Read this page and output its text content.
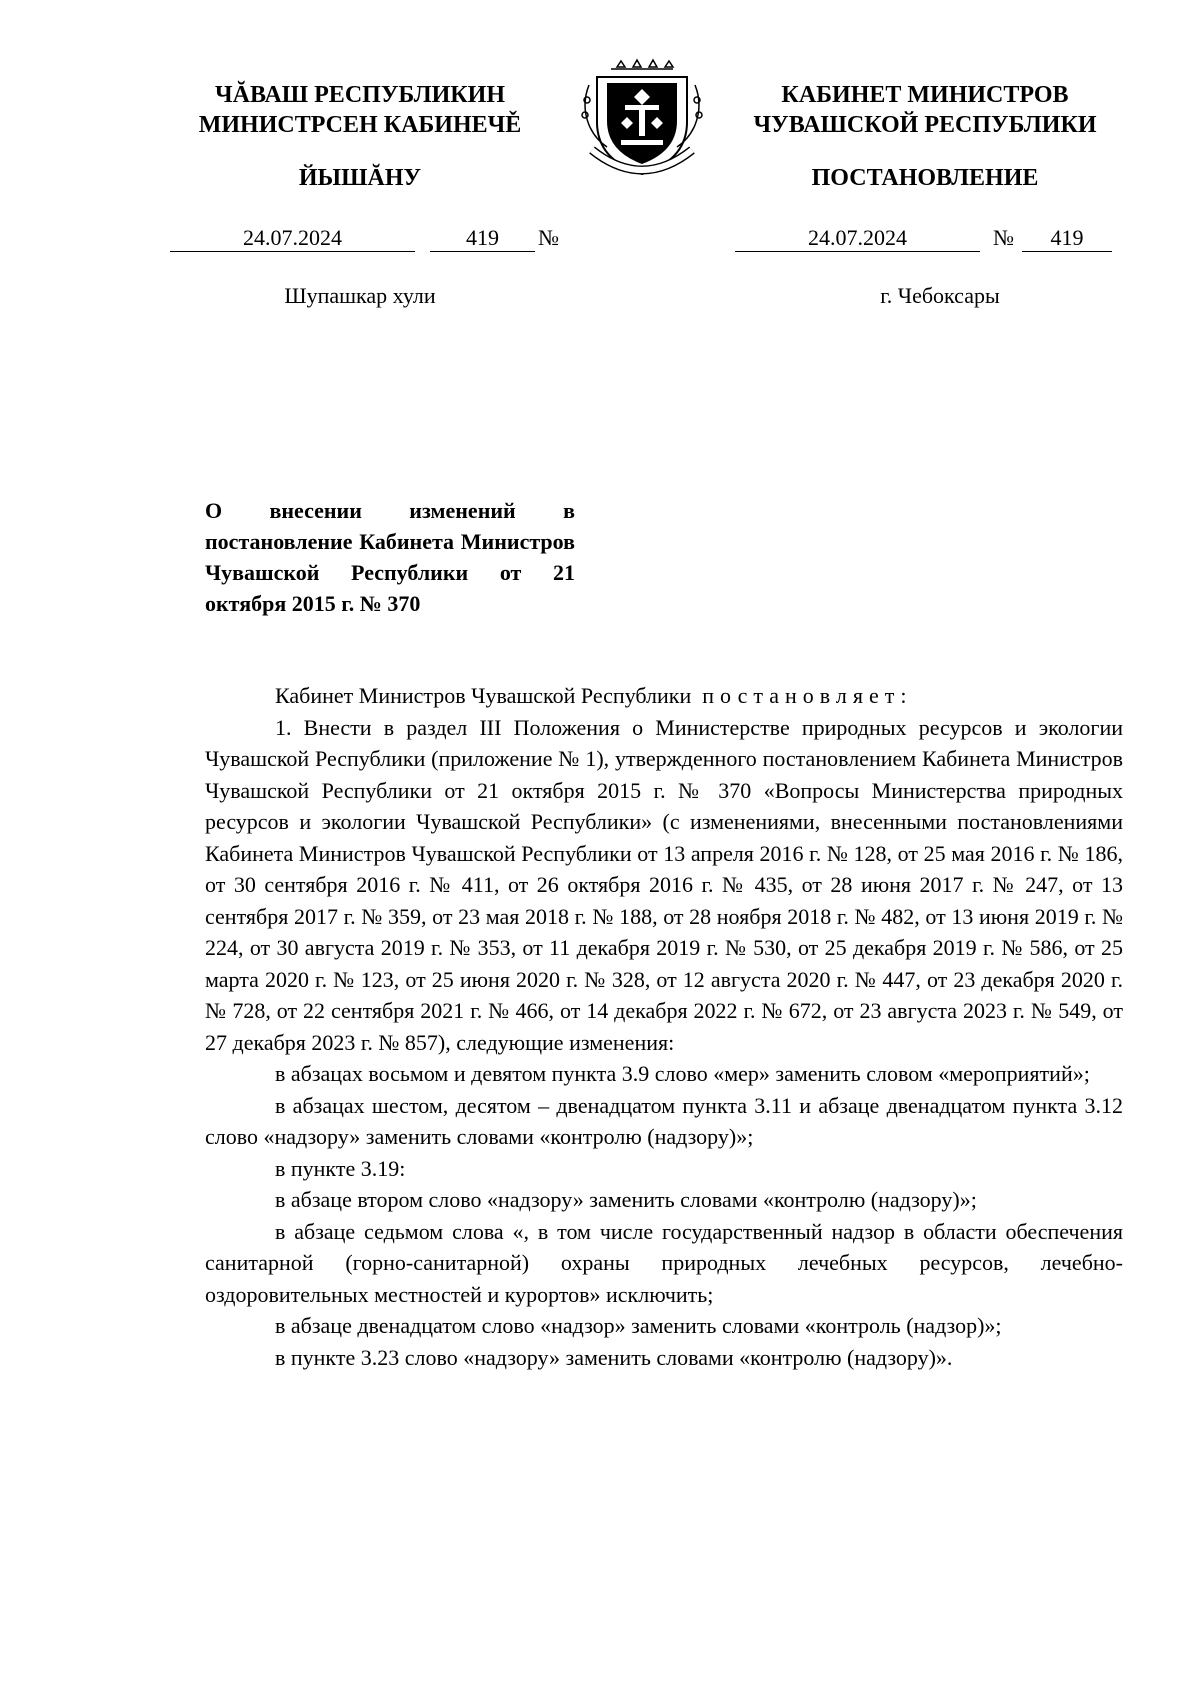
ЧĂВАШ РЕСПУБЛИКИН
МИНИСТРСЕН КАБИНЕЧĚ
ЙЫШĂНУ
КАБИНЕТ МИНИСТРОВ
ЧУВАШСКОЙ РЕСПУБЛИКИ
ПОСТАНОВЛЕНИЕ
24.07.2024	419	№	24.07.2024	№	419
Шупашкар хули	г. Чебоксары
О внесении изменений в постановление Кабинета Министров Чувашской Республики от 21 октября 2015 г. № 370

Кабинет Министров Чувашской Республики постановляет:

1. Внести в раздел III Положения о Министерстве природных ресурсов и экологии Чувашской Республики (приложение № 1), утвержденного постановлением Кабинета Министров Чувашской Республики от 21 октября 2015 г. № 370 «Вопросы Министерства природных ресурсов и экологии Чувашской Республики» (с изменениями, внесенными постановлениями Кабинета Министров Чувашской Республики от 13 апреля 2016 г. № 128, от 25 мая 2016 г. № 186, от 30 сентября 2016 г. № 411, от 26 октября 2016 г. № 435, от 28 июня 2017 г. № 247, от 13 сентября 2017 г. № 359, от 23 мая 2018 г. № 188, от 28 ноября 2018 г. № 482, от 13 июня 2019 г. № 224, от 30 августа 2019 г. № 353, от 11 декабря 2019 г. № 530, от 25 декабря 2019 г. № 586, от 25 марта 2020 г. № 123, от 25 июня 2020 г. № 328, от 12 августа 2020 г. № 447, от 23 декабря 2020 г. № 728, от 22 сентября 2021 г. № 466, от 14 декабря 2022 г. № 672, от 23 августа 2023 г. № 549, от 27 декабря 2023 г. № 857), следующие изменения:

в абзацах восьмом и девятом пункта 3.9 слово «мер» заменить словом «мероприятий»;

в абзацах шестом, десятом – двенадцатом пункта 3.11 и абзаце двенадцатом пункта 3.12 слово «надзору» заменить словами «контролю (надзору)»;

в пункте 3.19:

в абзаце втором слово «надзору» заменить словами «контролю (надзору)»;

в абзаце седьмом слова «, в том числе государственный надзор в области обеспечения санитарной (горно-санитарной) охраны природных лечебных ресурсов, лечебно-оздоровительных местностей и курортов» исключить;

в абзаце двенадцатом слово «надзор» заменить словами «контроль (надзор)»;

в пункте 3.23 слово «надзору» заменить словами «контролю (надзору)».
